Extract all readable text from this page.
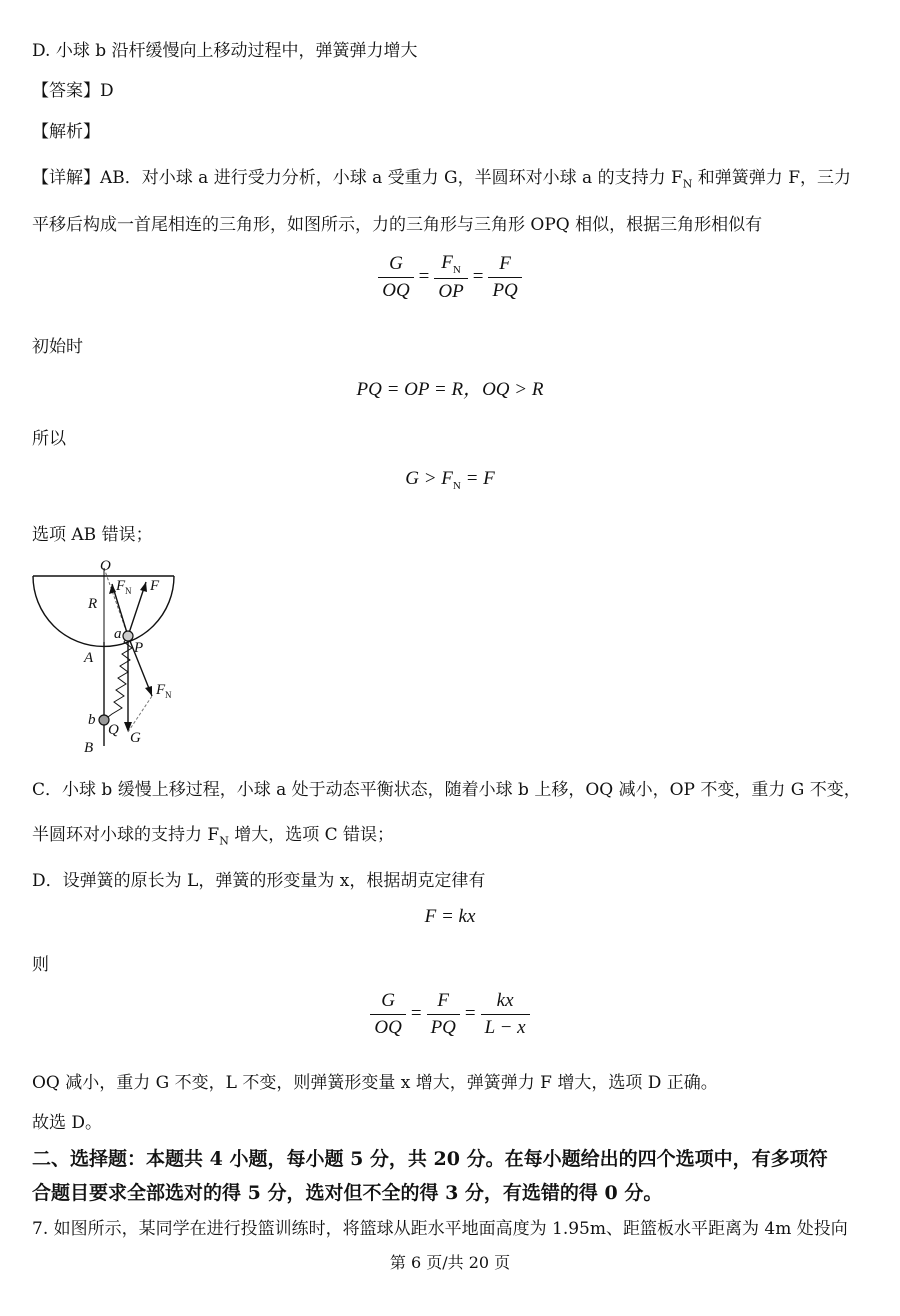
D. 小球 b 沿杆缓慢向上移动过程中，弹簧弹力增大
【答案】D
【解析】
【详解】AB．对小球 a 进行受力分析，小球 a 受重力 G，半圆环对小球 a 的支持力 $F_N$ 和弹簧弹力 F，三力
平移后构成一首尾相连的三角形，如图所示，力的三角形与三角形 OPQ 相似，根据三角形相似有
$\frac{G}{OQ} = \frac{F_N}{OP} = \frac{F}{PQ}$
初始时
PQ = OP = R，OQ > R
所以
$G > F_N = F$
选项 AB 错误；
O
R
A
a
P
b
Q
B
G
F
F N
F N
C．小球 b 缓慢上移过程，小球 a 处于动态平衡状态，随着小球 b 上移，OQ 减小，OP 不变，重力 G 不变，
半圆环对小球的支持力 $F_N$ 增大，选项 C 错误；
D．设弹簧的原长为 L，弹簧的形变量为 x，根据胡克定律有
F = kx
则
$\frac{G}{OQ} = \frac{F}{PQ} = \frac{kx}{L - x}$
OQ 减小，重力 G 不变，L 不变，则弹簧形变量 x 增大，弹簧弹力 F 增大，选项 D 正确。
故选 D。
二、选择题：本题共 4 小题，每小题 5 分，共 20 分。在每小题给出的四个选项中，有多项符
合题目要求全部选对的得 5 分，选对但不全的得 3 分，有选错的得 0 分。
7. 如图所示，某同学在进行投篮训练时，将篮球从距水平地面高度为 1.95m、距篮板水平距离为 4m 处投向
第 6 页/共 20 页
